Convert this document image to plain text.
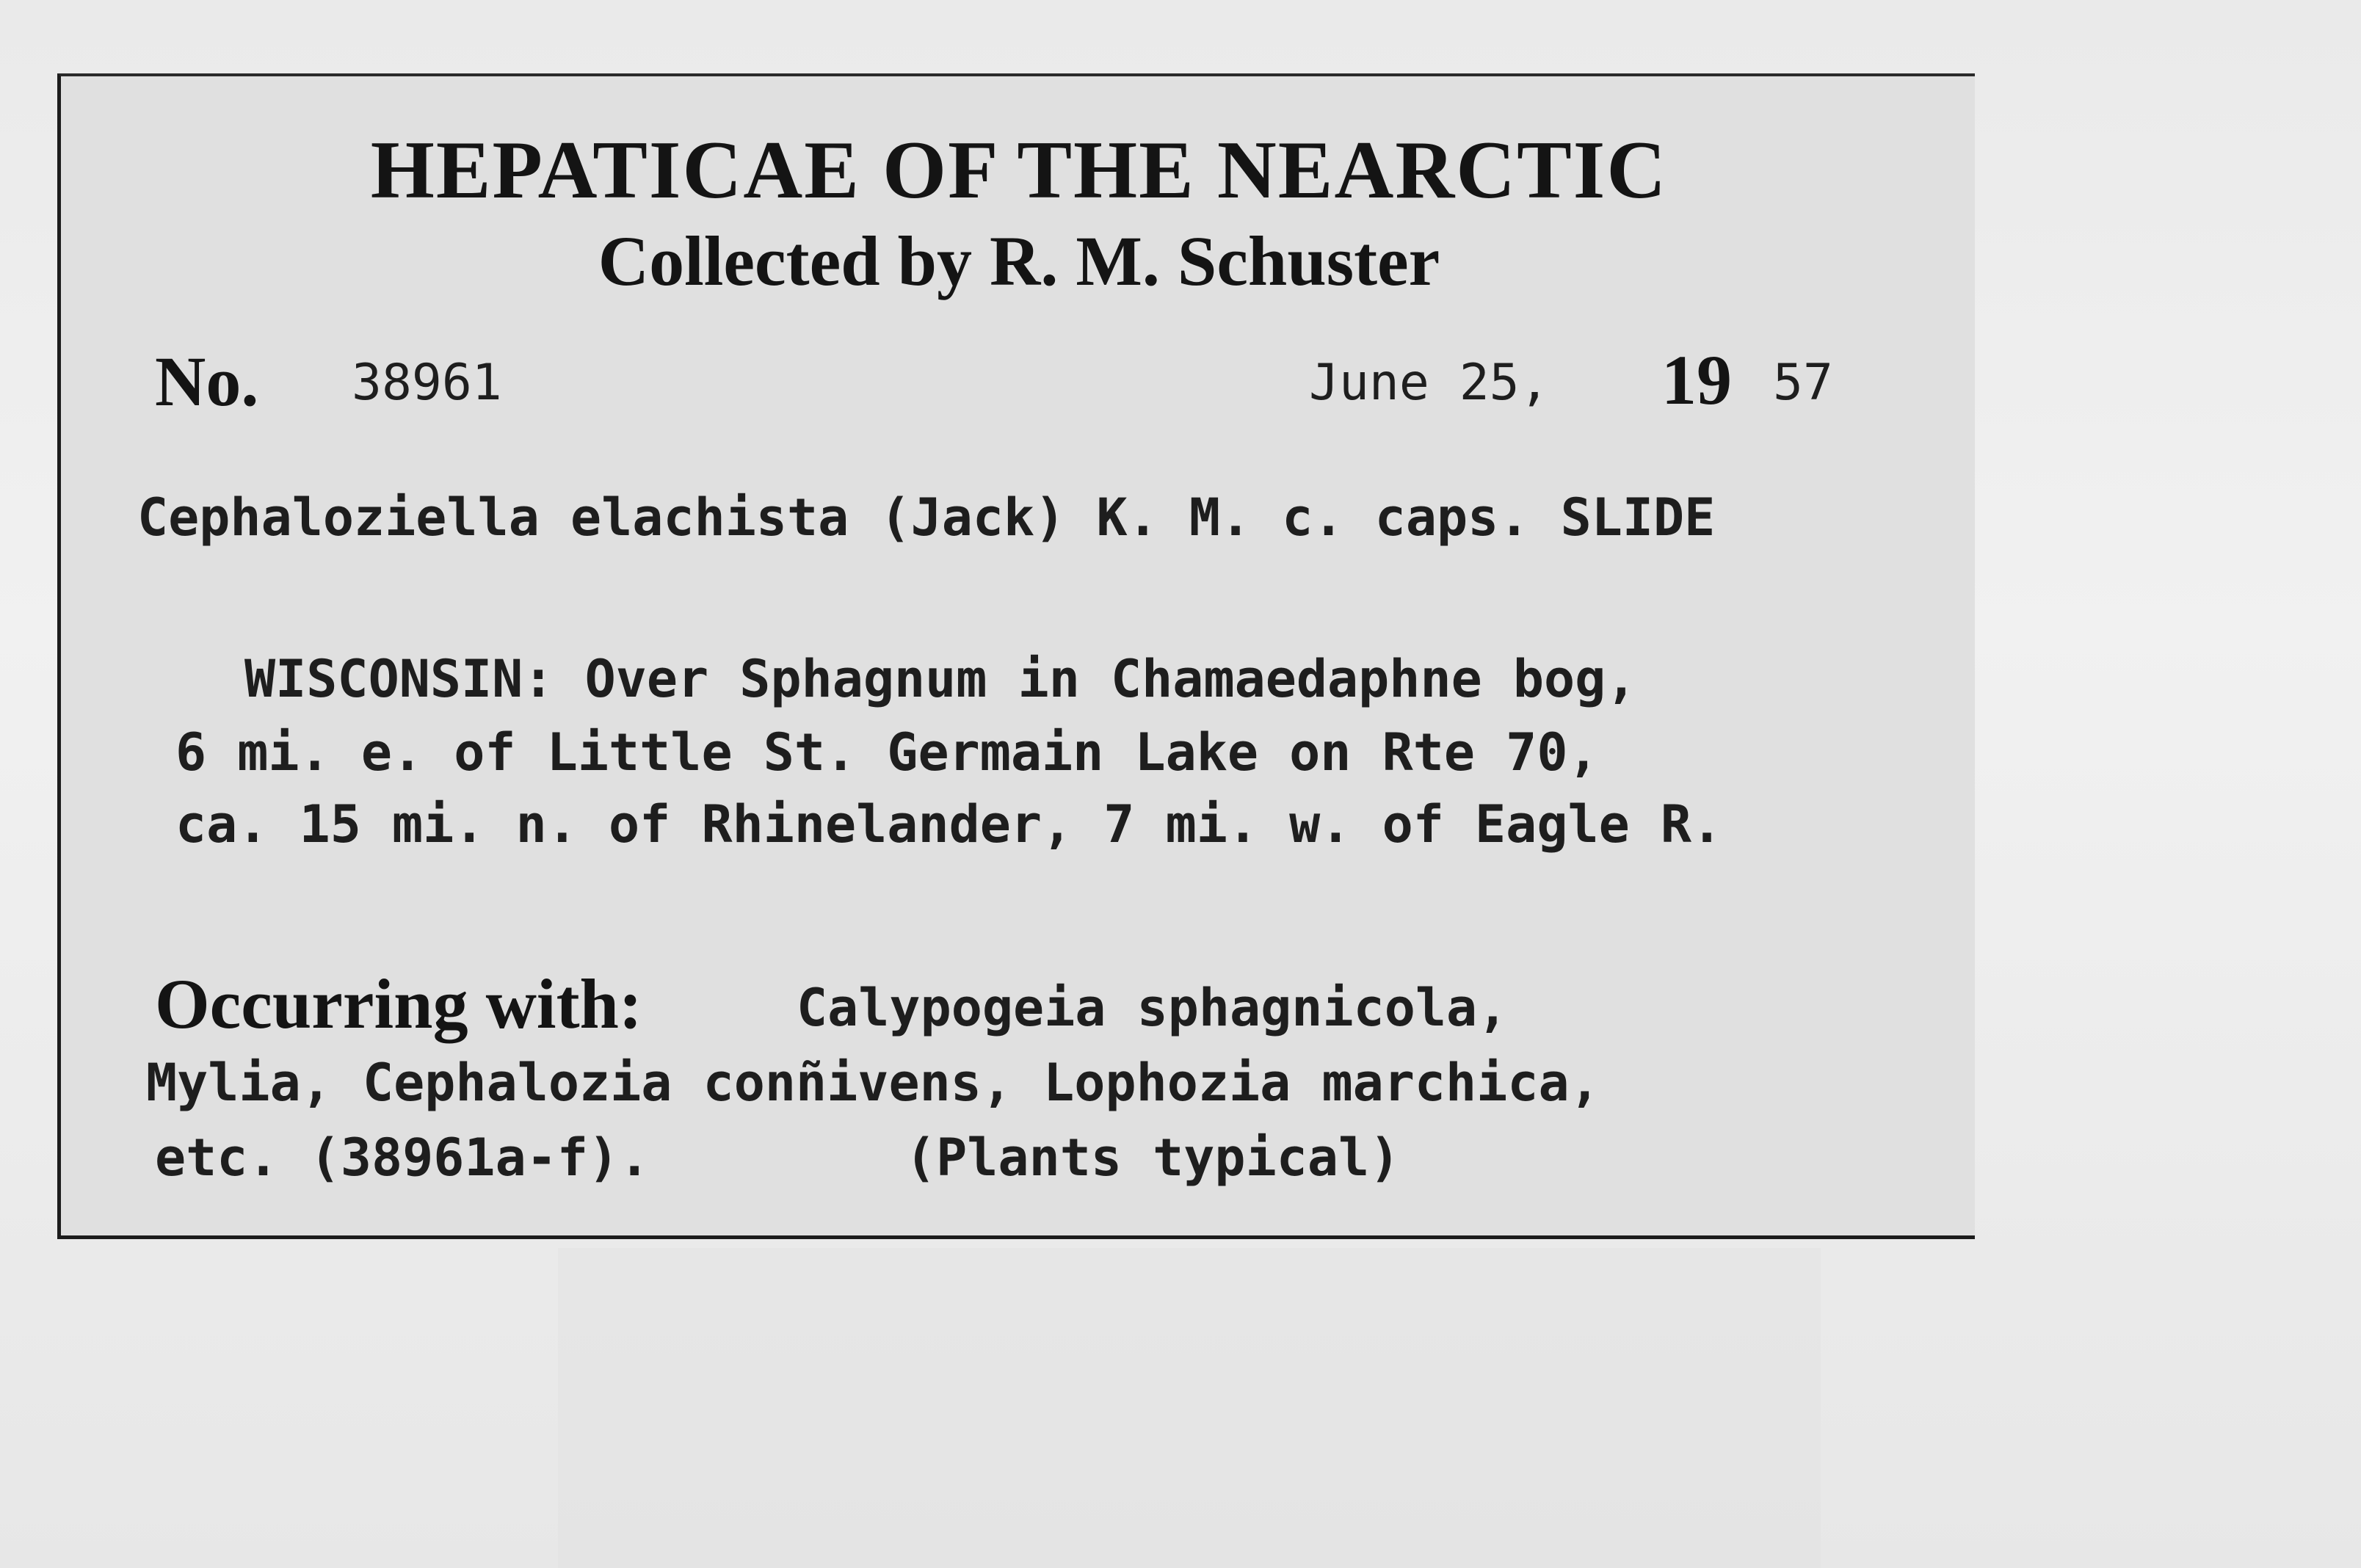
HEPATICAE OF THE NEARCTIC
Collected by R. M. Schuster
No. 38961	June 25, 19 57
Cephaloziella elachista (Jack) K. M. c. caps. SLIDE
WISCONSIN: Over Sphagnum in Chamaedaphne bog,
6 mi. e. of Little St. Germain Lake on Rte 70,
ca. 15 mi. n. of Rhinelander, 7 mi. w. of Eagle R.
Occurring with:	Calypogeia sphagnicola,
Mylia, Cephalozia conñivens, Lophozia marchica,
etc. (38961a-f).	(Plants typical)
